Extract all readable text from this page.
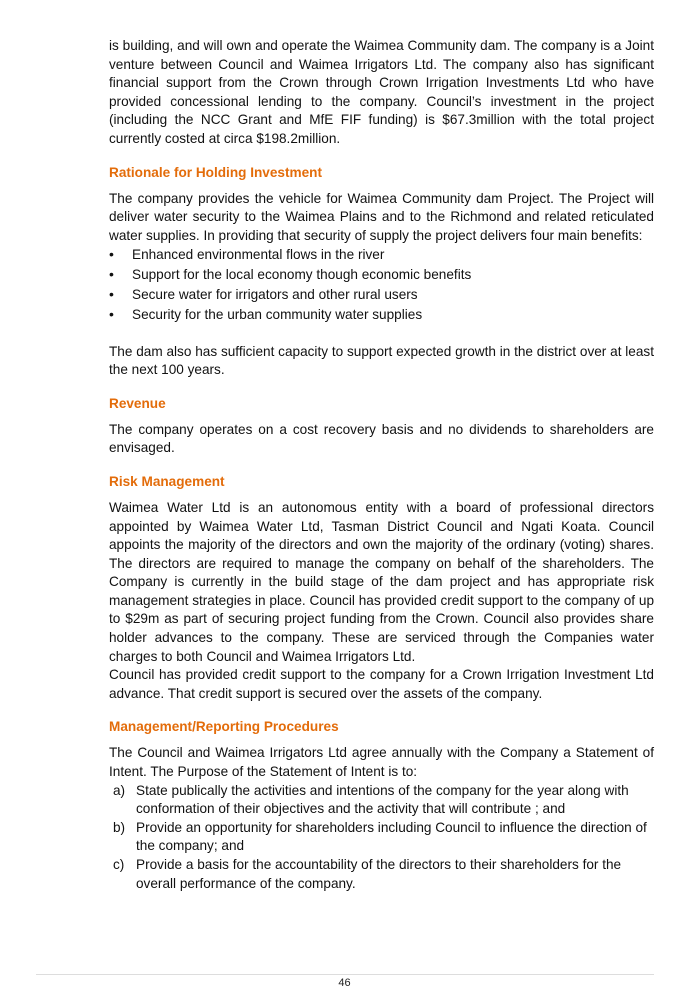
is building, and will own and operate the Waimea Community dam. The company is a Joint venture between Council and Waimea Irrigators Ltd. The company also has significant financial support from the Crown through Crown Irrigation Investments Ltd who have provided concessional lending to the company. Council’s investment in the project (including the NCC Grant and MfE FIF funding) is $67.3million with the total project currently costed at circa $198.2million.

Rationale for Holding Investment

The company provides the vehicle for Waimea Community dam Project. The Project will deliver water security to the Waimea Plains and to the Richmond and related reticulated water supplies. In providing that security of supply the project delivers four main benefits:

• Enhanced environmental flows in the river
• Support for the local economy though economic benefits
• Secure water for irrigators and other rural users
• Security for the urban community water supplies

The dam also has sufficient capacity to support expected growth in the district over at least the next 100 years.

Revenue

The company operates on a cost recovery basis and no dividends to shareholders are envisaged.

Risk Management

Waimea Water Ltd is an autonomous entity with a board of professional directors appointed by Waimea Water Ltd, Tasman District Council and Ngati Koata. Council appoints the majority of the directors and own the majority of the ordinary (voting) shares. The directors are required to manage the company on behalf of the shareholders. The Company is currently in the build stage of the dam project and has appropriate risk management strategies in place. Council has provided credit support to the company of up to $29m as part of securing project funding from the Crown. Council also provides share holder advances to the company. These are serviced through the Companies water charges to both Council and Waimea Irrigators Ltd.

Council has provided credit support to the company for a Crown Irrigation Investment Ltd advance. That credit support is secured over the assets of the company.

Management/Reporting Procedures

The Council and Waimea Irrigators Ltd agree annually with the Company a Statement of Intent. The Purpose of the Statement of Intent is to:

a) State publically the activities and intentions of the company for the year along with conformation of their objectives and the activity that will contribute ; and
b) Provide an opportunity for shareholders including Council to influence the direction of the company; and
c) Provide a basis for the accountability of the directors to their shareholders for the overall performance of the company.
46
